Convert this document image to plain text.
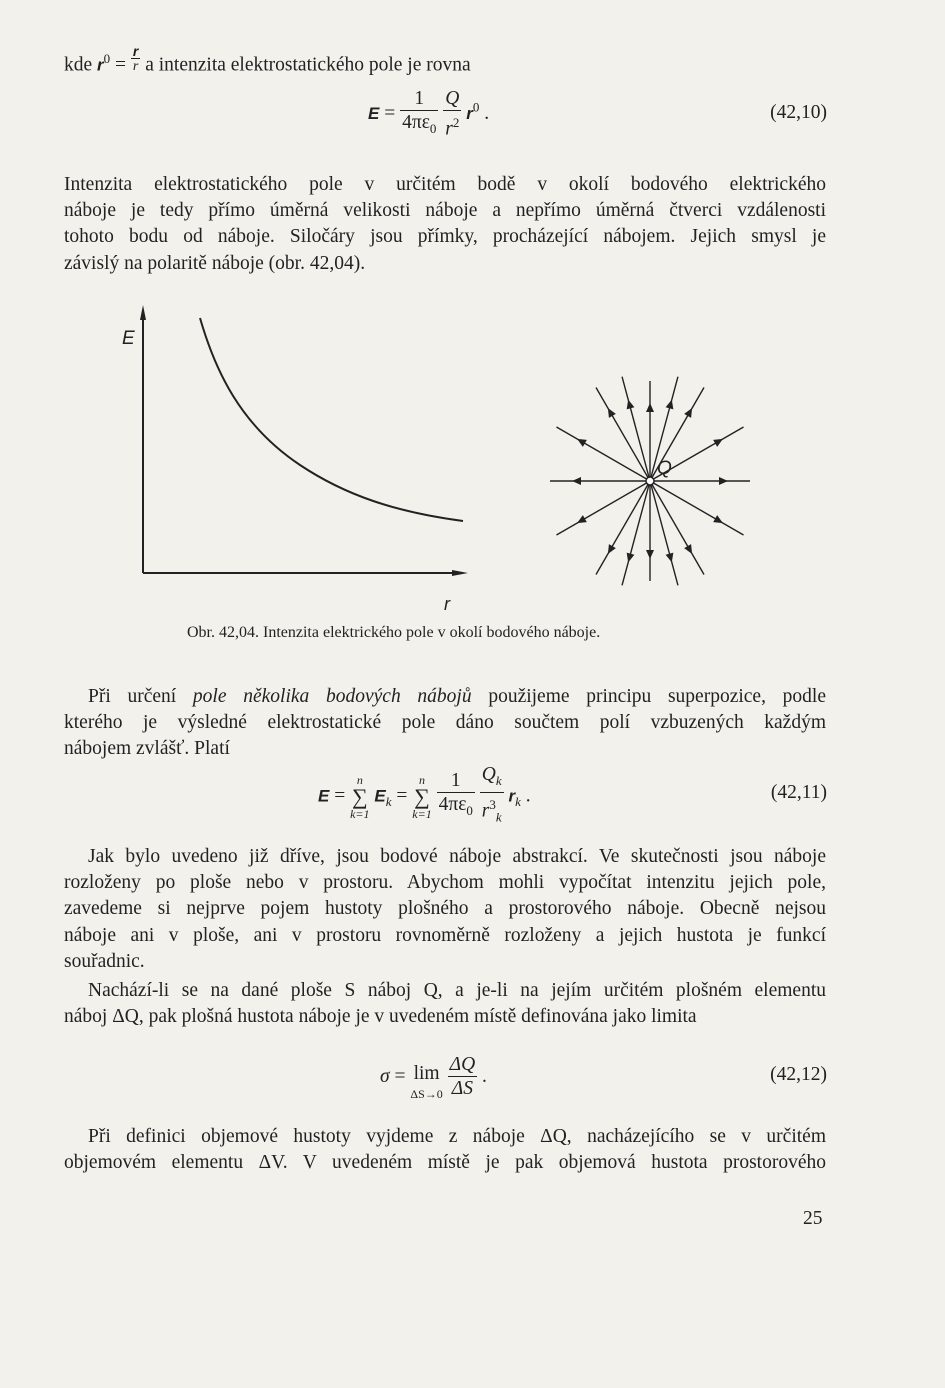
kde $r^0 = \frac{r}{r}$ a intenzita elektrostatického pole je rovna
$E = \frac{1}{4\pi\varepsilon_0}$
$\frac{Q}{r^2} r^0$ .	(42,10)
Intenzita elektrostatického pole v určitém bodě v okolí bodového elektrického
náboje je tedy přímo úměrná velikosti náboje a nepřímo úměrná čtverci vzdálenosti
tohoto bodu od náboje. Siločáry jsou přímky, procházející nábojem. Jejich smysl je
závislý na polaritě náboje (obr. 42,04).
E
r
Q
Obr. 42,04. Intenzita elektrického pole v okolí bodového náboje.
Při určení pole několika bodových nábojů použijeme principu superpozice, podle
kterého je výsledné elektrostatické pole dáno součtem polí vzbuzených každým
nábojem zvlášť. Platí
E =
n
∑
k=1
$E_k$ =
n
∑
k=1
$\frac{1}{4\pi\varepsilon_0}$
$\frac{Q_k}{r^3_k} r_k$ .	(42,11)
Jak bylo uvedeno již dříve, jsou bodové náboje abstrakcí. Ve skutečnosti jsou náboje
rozloženy po ploše nebo v prostoru. Abychom mohli vypočítat intenzitu jejich pole,
zavedeme si nejprve pojem hustoty plošného a prostorového náboje. Obecně nejsou
náboje ani v ploše, ani v prostoru rovnoměrně rozloženy a jejich hustota je funkcí
souřadnic.
Nachází-li se na dané ploše S náboj Q, a je-li na jejím určitém plošném elementu
náboj ΔQ, pak plošná hustota náboje je v uvedeném místě definována jako limita
σ = lim
ΔS→0
$\frac{\Delta Q}{\Delta S}$ .	(42,12)
Při definici objemové hustoty vyjdeme z náboje ΔQ, nacházejícího se v určitém
objemovém elementu ΔV. V uvedeném místě je pak objemová hustota prostorového
25
